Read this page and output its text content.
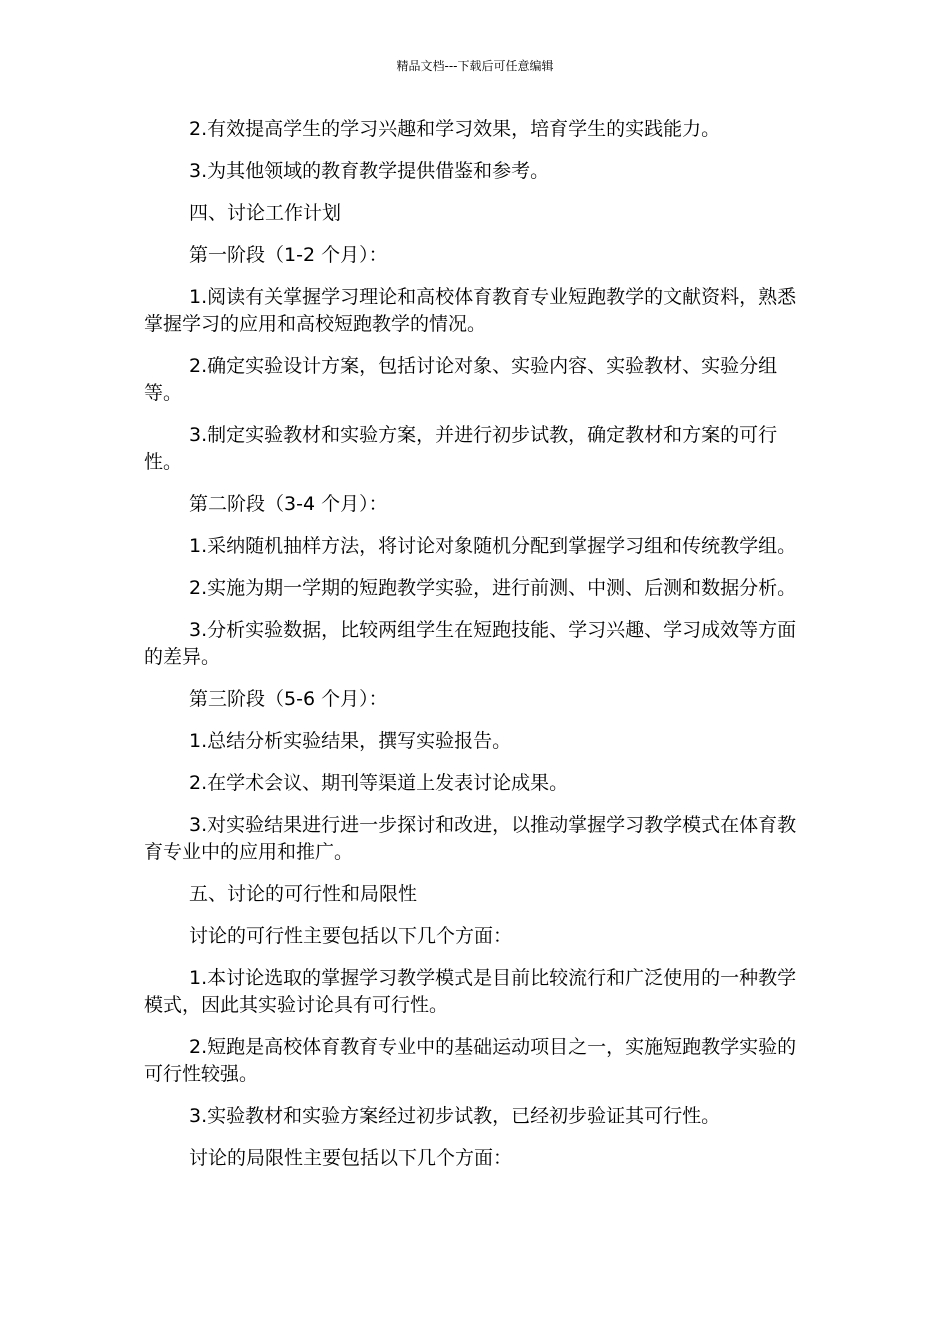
精品文档---下载后可任意编辑

2.有效提高学生的学习兴趣和学习效果，培育学生的实践能力。

3.为其他领域的教育教学提供借鉴和参考。

四、讨论工作计划

第一阶段（1-2 个月）：

1.阅读有关掌握学习理论和高校体育教育专业短跑教学的文献资料，熟悉掌握学习的应用和高校短跑教学的情况。

2.确定实验设计方案，包括讨论对象、实验内容、实验教材、实验分组等。

3.制定实验教材和实验方案，并进行初步试教，确定教材和方案的可行性。

第二阶段（3-4 个月）：

1.采纳随机抽样方法，将讨论对象随机分配到掌握学习组和传统教学组。

2.实施为期一学期的短跑教学实验，进行前测、中测、后测和数据分析。

3.分析实验数据，比较两组学生在短跑技能、学习兴趣、学习成效等方面的差异。

第三阶段（5-6 个月）：

1.总结分析实验结果，撰写实验报告。

2.在学术会议、期刊等渠道上发表讨论成果。

3.对实验结果进行进一步探讨和改进，以推动掌握学习教学模式在体育教育专业中的应用和推广。

五、讨论的可行性和局限性

讨论的可行性主要包括以下几个方面：

1.本讨论选取的掌握学习教学模式是目前比较流行和广泛使用的一种教学模式，因此其实验讨论具有可行性。

2.短跑是高校体育教育专业中的基础运动项目之一，实施短跑教学实验的可行性较强。

3.实验教材和实验方案经过初步试教，已经初步验证其可行性。

讨论的局限性主要包括以下几个方面：
